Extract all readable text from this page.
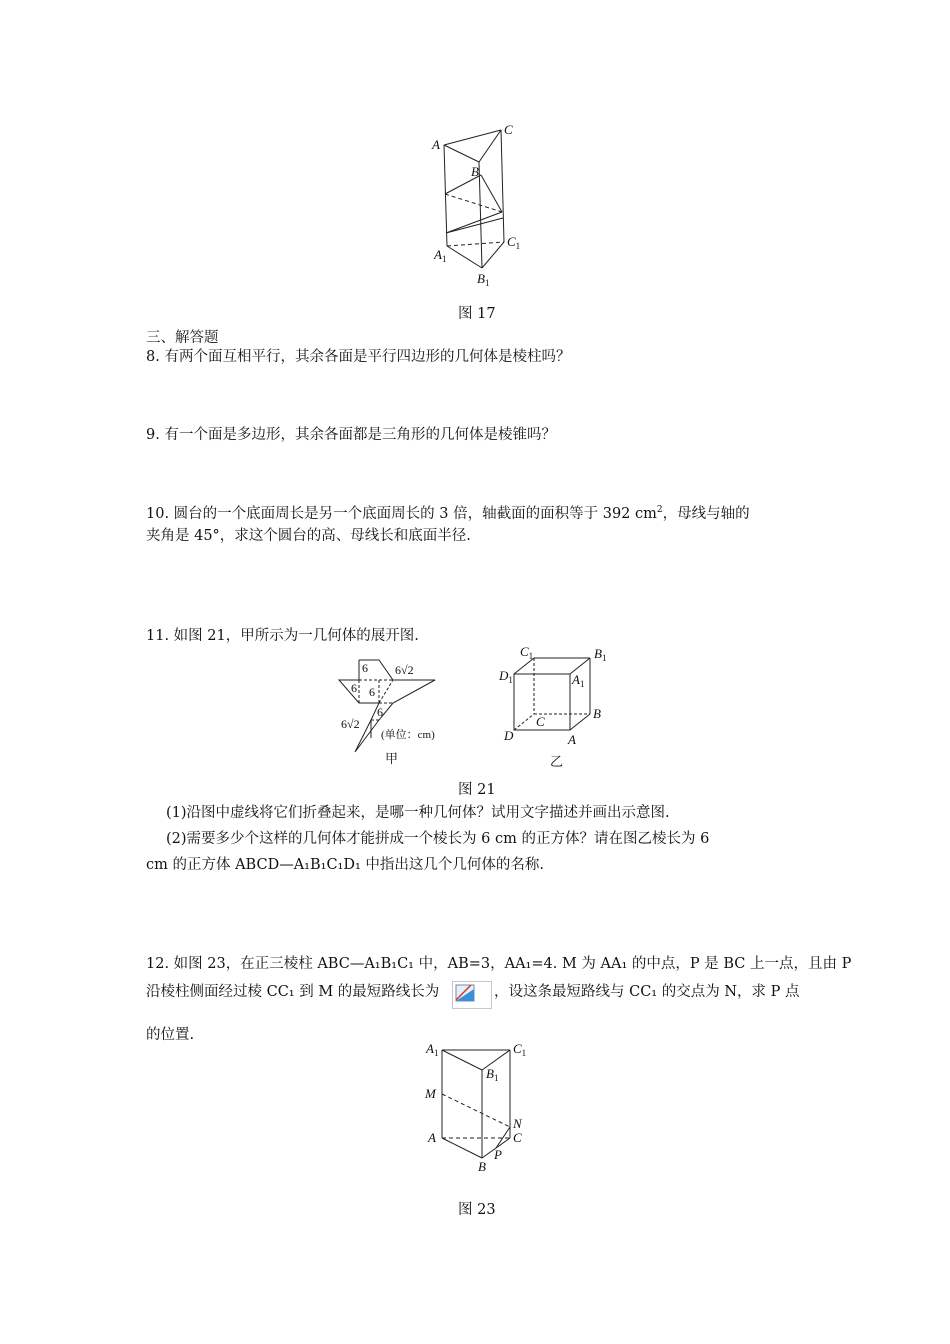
A
C
B
$A_1$
$C_1$
$B_1$
图 17
三、解答题
8. 有两个面互相平行，其余各面是平行四边形的几何体是棱柱吗？
9. 有一个面是多边形，其余各面都是三角形的几何体是棱锥吗？
10. 圆台的一个底面周长是另一个底面周长的 3 倍，轴截面的面积等于 392 $cm^2$，母线与轴的
夹角是 45°，求这个圆台的高、母线长和底面半径.
11. 如图 21，甲所示为一几何体的展开图.
6 6√2
6 6
6
6√2
(单位：cm)
甲
$C_1$	$B_1$
$D_1$	$A_1$
C
B
D	A
乙
图 21
(1)沿图中虚线将它们折叠起来，是哪一种几何体？试用文字描述并画出示意图.
(2)需要多少个这样的几何体才能拼成一个棱长为 6 cm 的正方体？请在图乙棱长为 6
cm 的正方体 ABCD—A₁B₁C₁D₁ 中指出这几个几何体的名称.
12. 如图 23，在正三棱柱 ABC—A₁B₁C₁ 中，AB=3，AA₁=4. M 为 AA₁ 的中点，P 是 BC 上一点，且由 P
沿棱柱侧面经过棱 CC₁ 到 M 的最短路线长为	，设这条最短路线与 CC₁ 的交点为 N，求 P 点
的位置.
$A_1$	$C_1$
$B_1$
M
N
A	C
P
B
图 23
